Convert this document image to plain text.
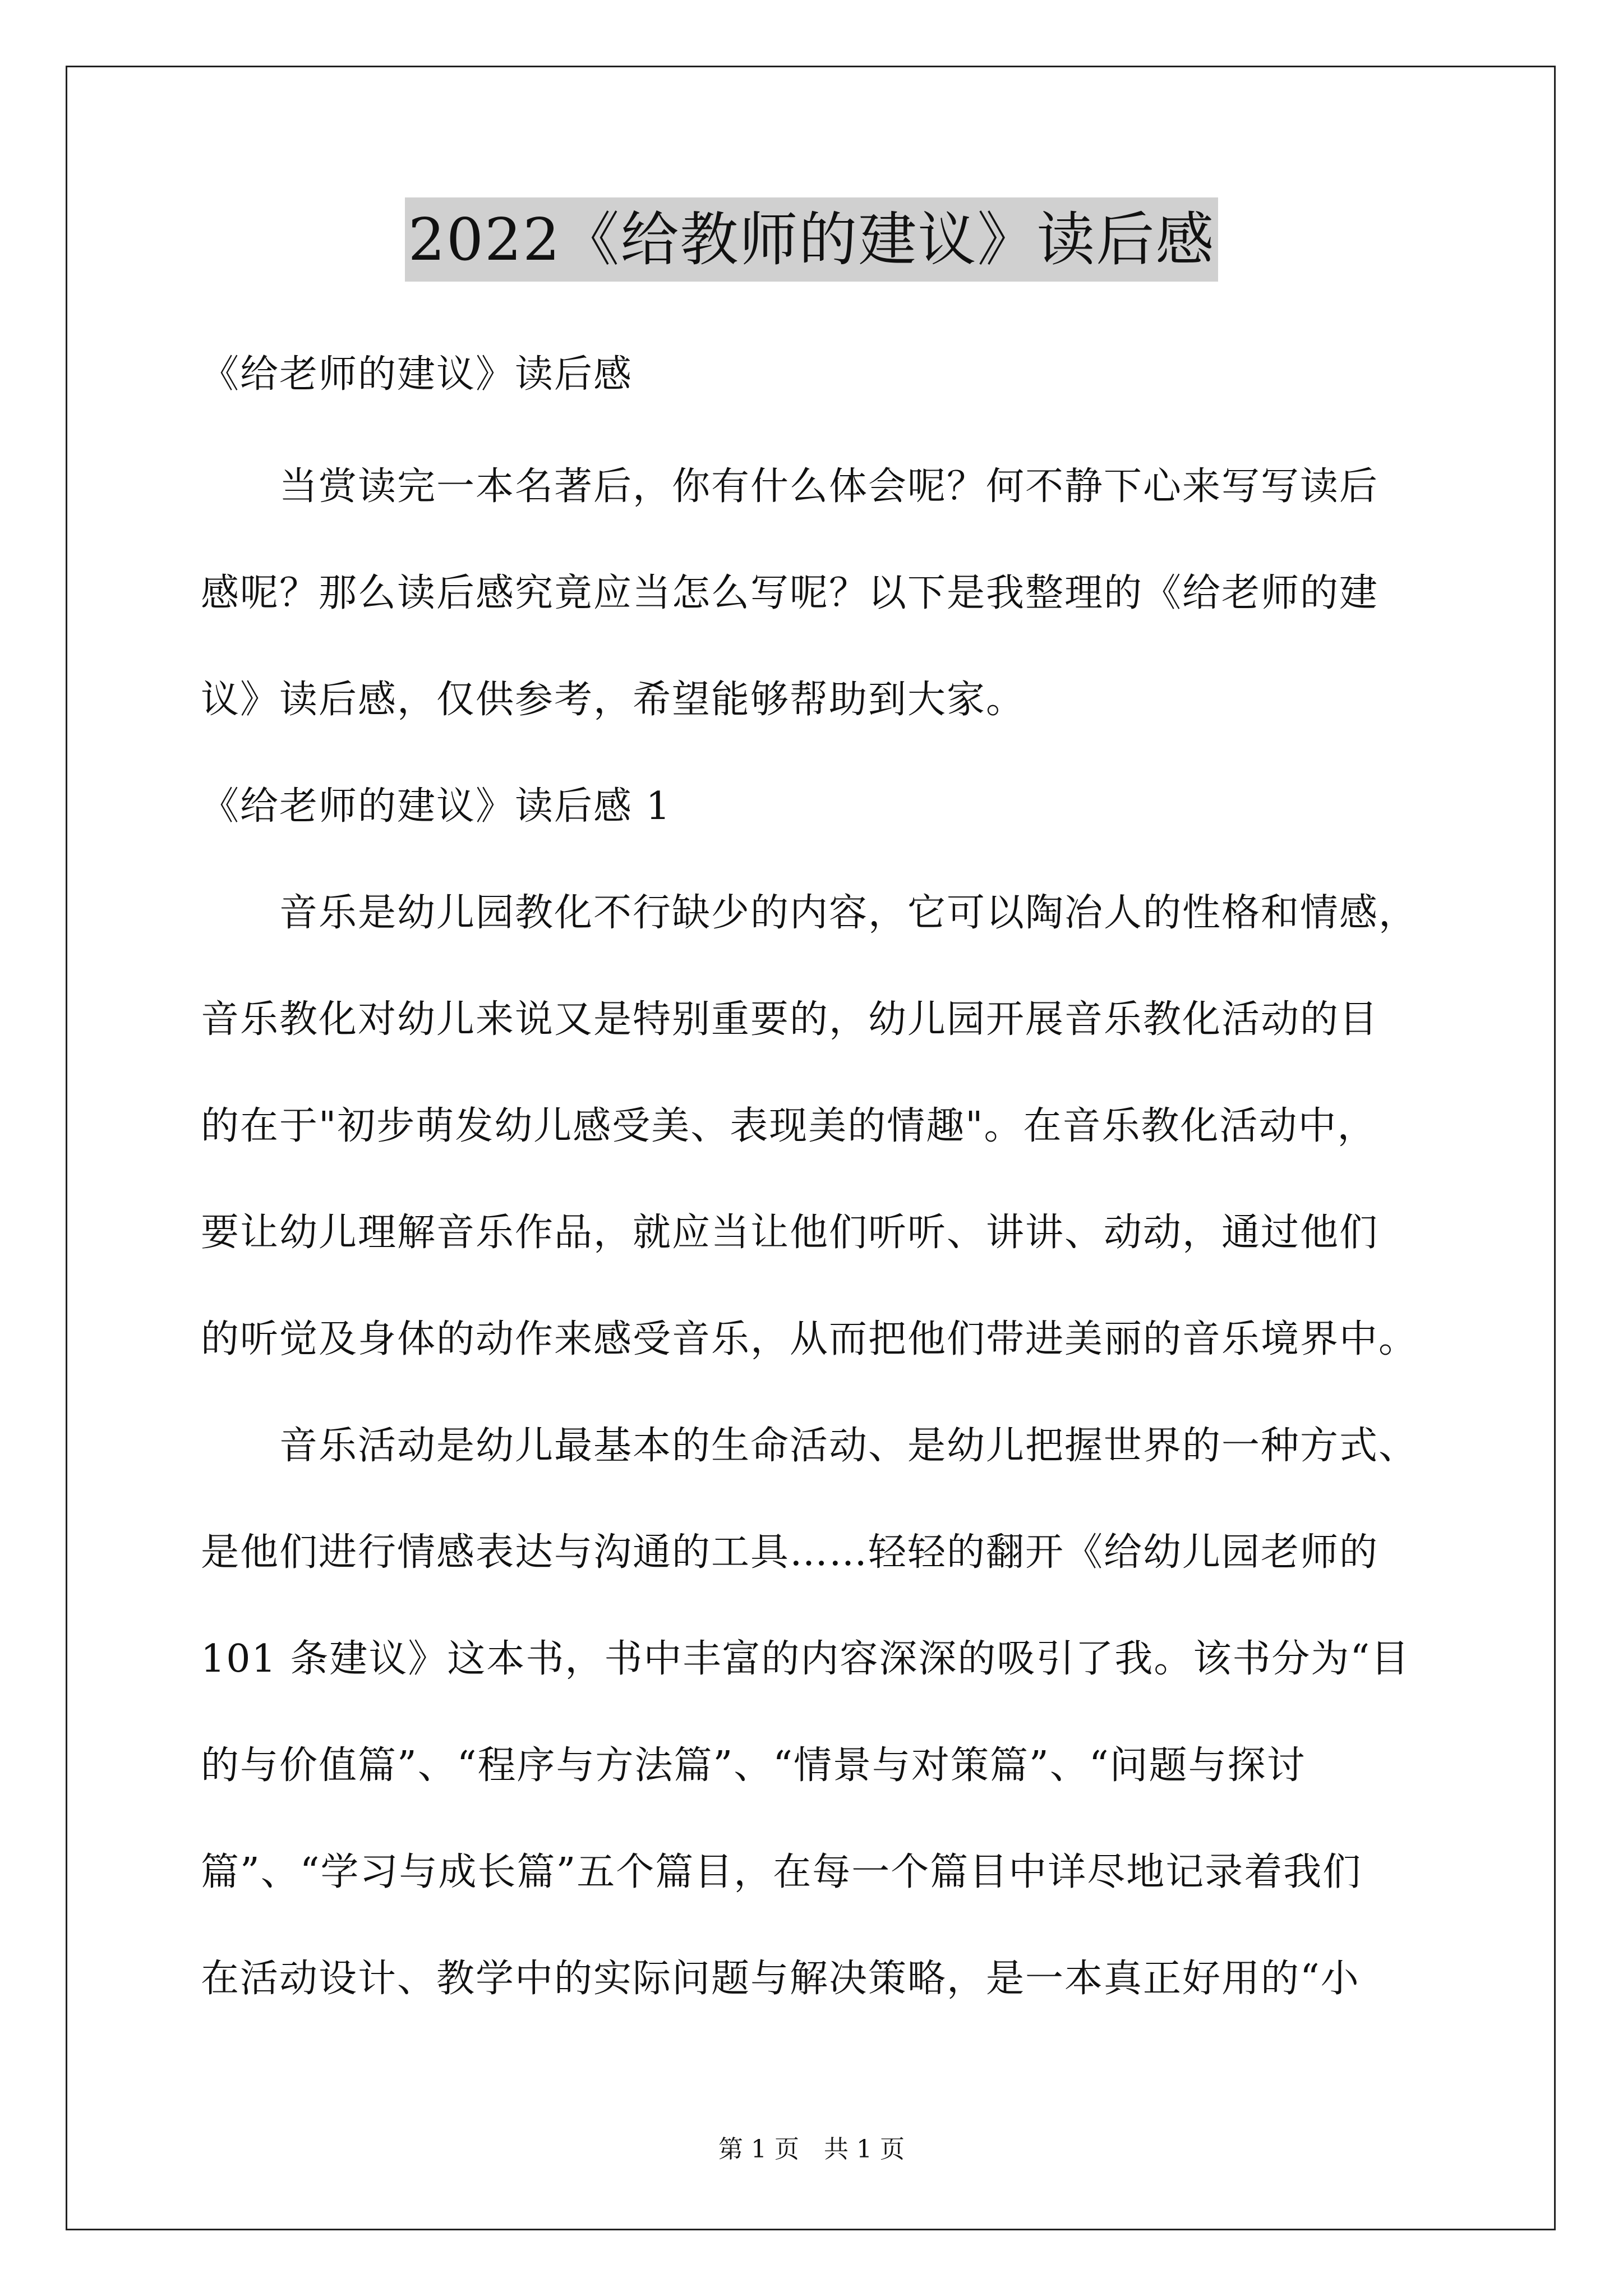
2022《给教师的建议》读后感
《给老师的建议》读后感
　　当赏读完一本名著后，你有什么体会呢？何不静下心来写写读后
感呢？那么读后感究竟应当怎么写呢？以下是我整理的《给老师的建
议》读后感，仅供参考，希望能够帮助到大家。
《给老师的建议》读后感 1
　　音乐是幼儿园教化不行缺少的内容，它可以陶冶人的性格和情感，
音乐教化对幼儿来说又是特别重要的，幼儿园开展音乐教化活动的目
的在于"初步萌发幼儿感受美、表现美的情趣"。在音乐教化活动中，
要让幼儿理解音乐作品，就应当让他们听听、讲讲、动动，通过他们
的听觉及身体的动作来感受音乐，从而把他们带进美丽的音乐境界中。
　　音乐活动是幼儿最基本的生命活动、是幼儿把握世界的一种方式、
是他们进行情感表达与沟通的工具……轻轻的翻开《给幼儿园老师的
101 条建议》这本书，书中丰富的内容深深的吸引了我。该书分为“目
的与价值篇”、“程序与方法篇”、“情景与对策篇”、“问题与探讨
篇”、“学习与成长篇”五个篇目，在每一个篇目中详尽地记录着我们
在活动设计、教学中的实际问题与解决策略，是一本真正好用的“小
第 1 页　共 1 页
